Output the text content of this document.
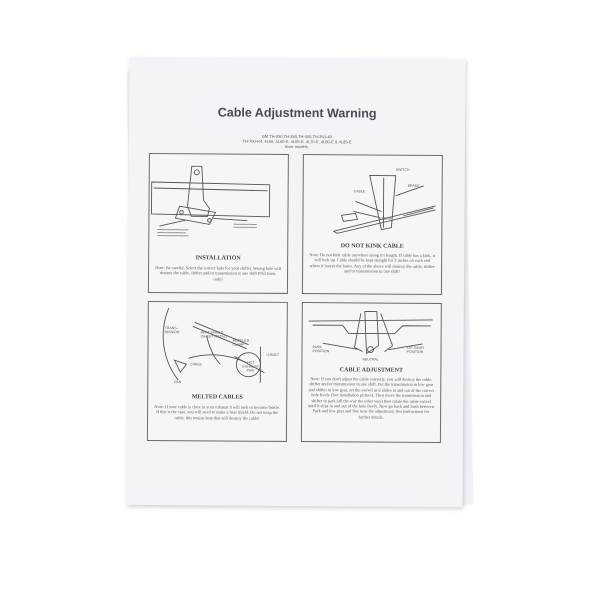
Cable Adjustment Warning
GM TH-250,TH-350,TH-400,TH-350-4R
TH-700-R4, 4L60, 4L60-E, 4L65-E, 4L70-E, 4L80-E & 4L85-E
lever models.
▬▬▬▬▬▬▬▬▬▬▬▬
▬▬▬▬▬▬▬▬▬▬▬
▬▬▬▬▬▬▬▬▬▬▬▬
▬▬▬▬▬▬▬▬▬
▬▬▬▬▬▬▬▬▬
INSTALLATION
Note: Be careful. Select the correct hole for your shifter. Wrong hole will destroy the cable, shifter and/or transmission is one shift (Old trans. only)
SWITCH
CABLE
BRAKE
FLOOR
DO NOT KINK CABLE
Note: Do not kink cable anywhere along it's length. If cable has a kink, it will lock up. Cable should be kept straight for 2 inches on each end where it leaves the bases. Any of the above will destroy the cable, shifter and/or transmission in one shift!
TRANS-
MISSION	HEAT SHIELD
(SHEET METAL)
MUFFLER
CLAMP
U-BOLT
CABLE	HOT
EXHAUST
PIPE
PAN
MELTED CABLES
Note: If your cable is close to your exhaust it will melt or become brittle. If this is the case, you will need to make a heat shield. Do not wrap the cable, this retains heat that will destroy the cable!
PARK
POSITION
NEUTRAL
1ST GEAR
POSITION
CABLE ADJUSTMENT
Note: If you don't adjust the cable correctly, you will destroy the cable, shifter and/or transmission in one shift. Put the transmission in low gear and shifter in low gear, set the swivel as it slides in and out of the correct hole freely (See installation picture). Then move the transmission and shifter to park (all the way the other way) then rotate the cable swivel until it slips in and out of the hole freely. Now go back and forth between Park and low gear and fine tune the adjustment. See instructions for further details.
